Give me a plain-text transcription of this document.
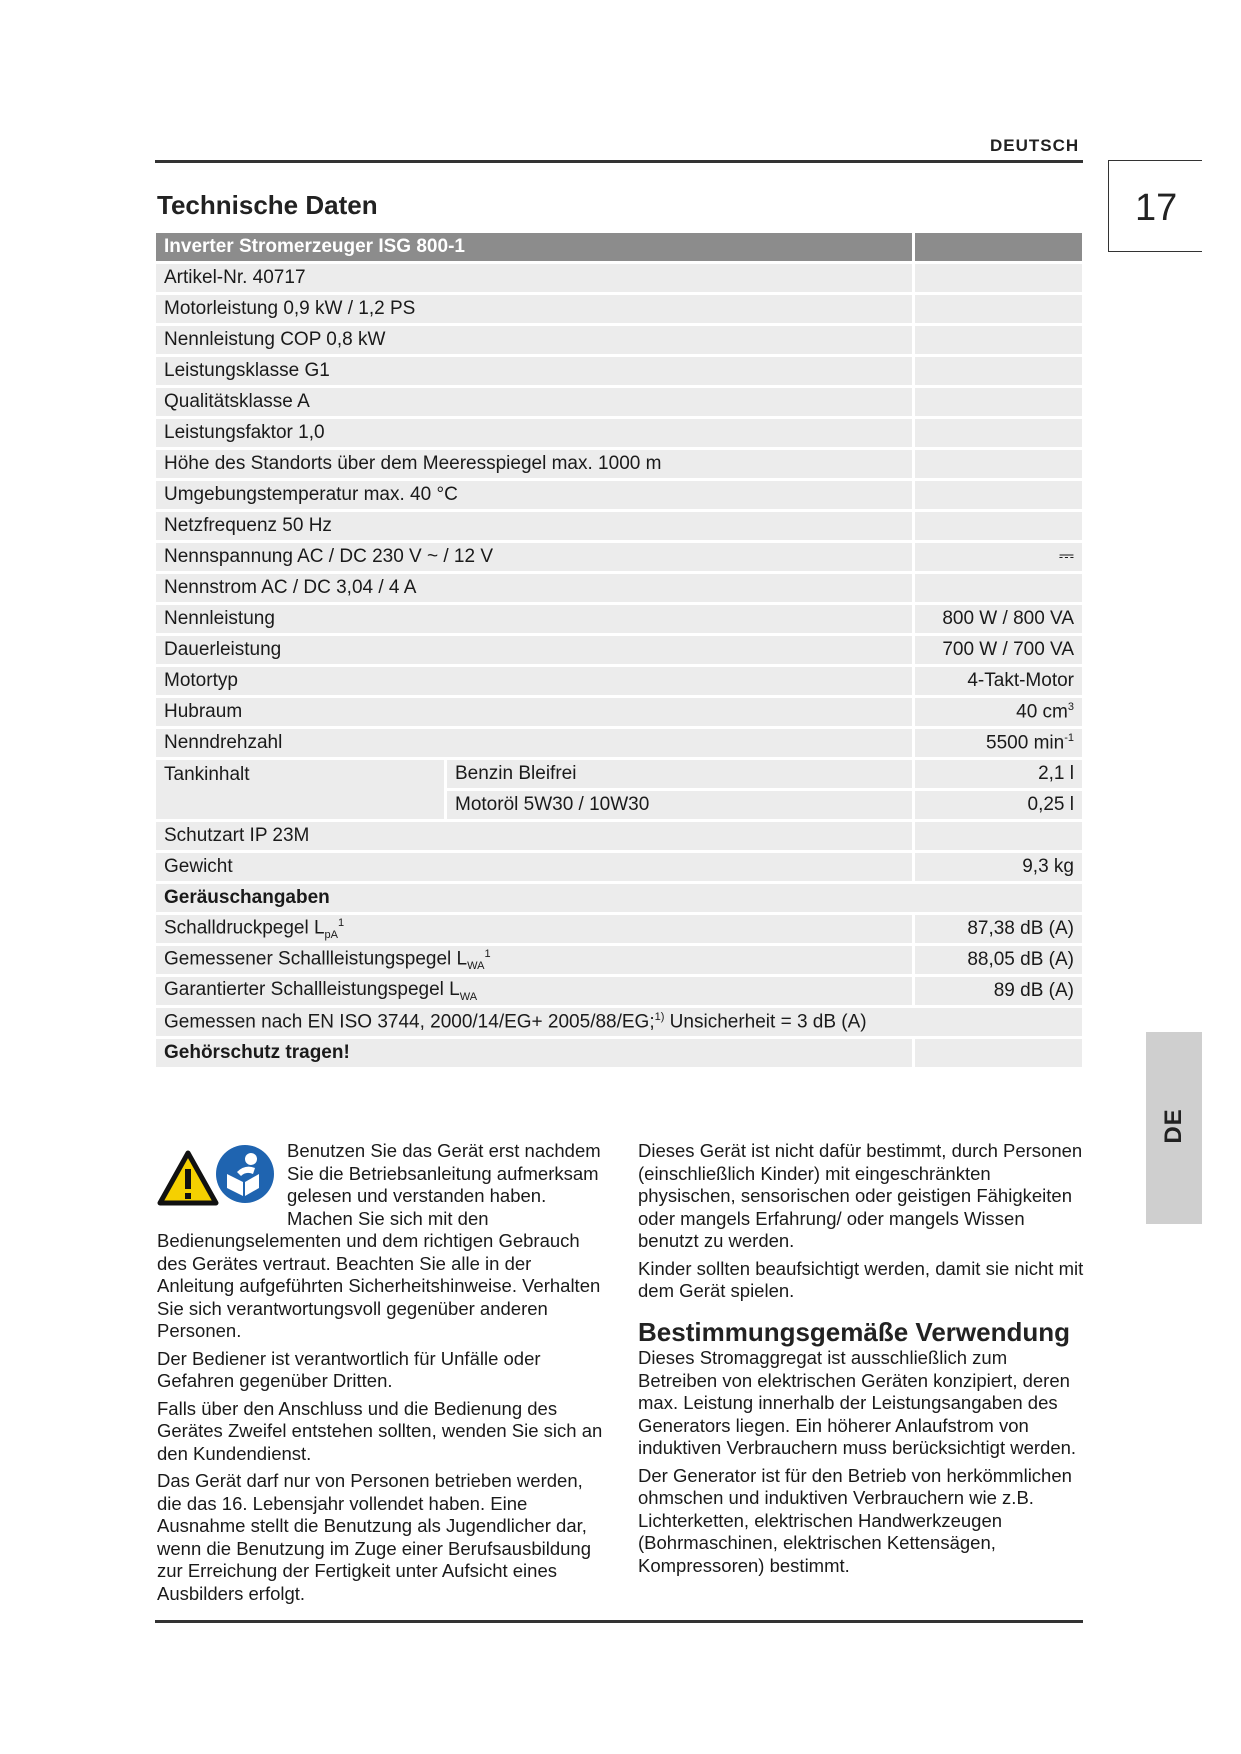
DEUTSCH
17
Technische Daten
Inverter Stromerzeuger ISG 800-1		
Artikel-Nr. 40717		
Motorleistung 0,9 kW / 1,2 PS		
Nennleistung COP 0,8 kW		
Leistungsklasse G1		
Qualitätsklasse A		
Leistungsfaktor 1,0		
Höhe des Standorts über dem Meeresspiegel max. 1000 m		
Umgebungstemperatur max. 40 °C		
Netzfrequenz 50 Hz		
Nennspannung AC / DC 230 V ~ / 12 V		⎓
Nennstrom AC / DC 3,04 / 4 A		
Nennleistung		800 W / 800 VA
Dauerleistung		700 W / 700 VA
Motortyp		4-Takt-Motor
Hubraum		40 $cm^3$
Nenndrehzahl		5500 $\min^{-1}$
Tankinhalt	Benzin Bleifrei	2,1 l
	Motoröl 5W30 / 10W30	0,25 l
Schutzart IP 23M		
Gewicht		9,3 kg
Geräuschangaben		
Schalldruckpegel $L_{pA}^1$		87,38 dB (A)
Gemessener Schallleistungspegel $L_{WA}^1$		88,05 dB (A)
Garantierter Schallleistungspegel $L_{WA}$		89 dB (A)
Gemessen nach EN ISO 3744, 2000/14/EG+ 2005/88/EG;$^{1)}$ Unsicherheit = 3 dB (A)		
Gehörschutz tragen!		

Benutzen Sie das Gerät erst nachdem Sie die Betriebsanleitung aufmerksam gelesen und verstanden haben. Machen Sie sich mit den Bedienungselementen und dem richtigen Gebrauch des Gerätes vertraut. Beachten Sie alle in der Anleitung aufgeführten Sicherheitshinweise. Verhalten Sie sich verantwortungsvoll gegenüber anderen Personen.

Der Bediener ist verantwortlich für Unfälle oder Gefahren gegenüber Dritten.

Falls über den Anschluss und die Bedienung des Gerätes Zweifel entstehen sollten, wenden Sie sich an den Kundendienst.

Das Gerät darf nur von Personen betrieben werden, die das 16. Lebensjahr vollendet haben. Eine Ausnahme stellt die Benutzung als Jugendlicher dar, wenn die Benutzung im Zuge einer Berufsausbildung zur Erreichung der Fertigkeit unter Aufsicht eines Ausbilders erfolgt.

Dieses Gerät ist nicht dafür bestimmt, durch Personen (einschließlich Kinder) mit eingeschränkten physischen, sensorischen oder geistigen Fähigkeiten oder mangels Erfahrung/ oder mangels Wissen benutzt zu werden.

Kinder sollten beaufsichtigt werden, damit sie nicht mit dem Gerät spielen.

Bestimmungsgemäße Verwendung

Dieses Stromaggregat ist ausschließlich zum Betreiben von elektrischen Geräten konzipiert, deren max. Leistung innerhalb der Leistungsangaben des Generators liegen. Ein höherer Anlaufstrom von induktiven Verbrauchern muss berücksichtigt werden.

Der Generator ist für den Betrieb von herkömmlichen ohmschen und induktiven Verbrauchern wie z.B. Lichterketten, elektrischen Handwerkzeugen (Bohrmaschinen, elektrischen Kettensägen, Kompressoren) bestimmt.

DE
